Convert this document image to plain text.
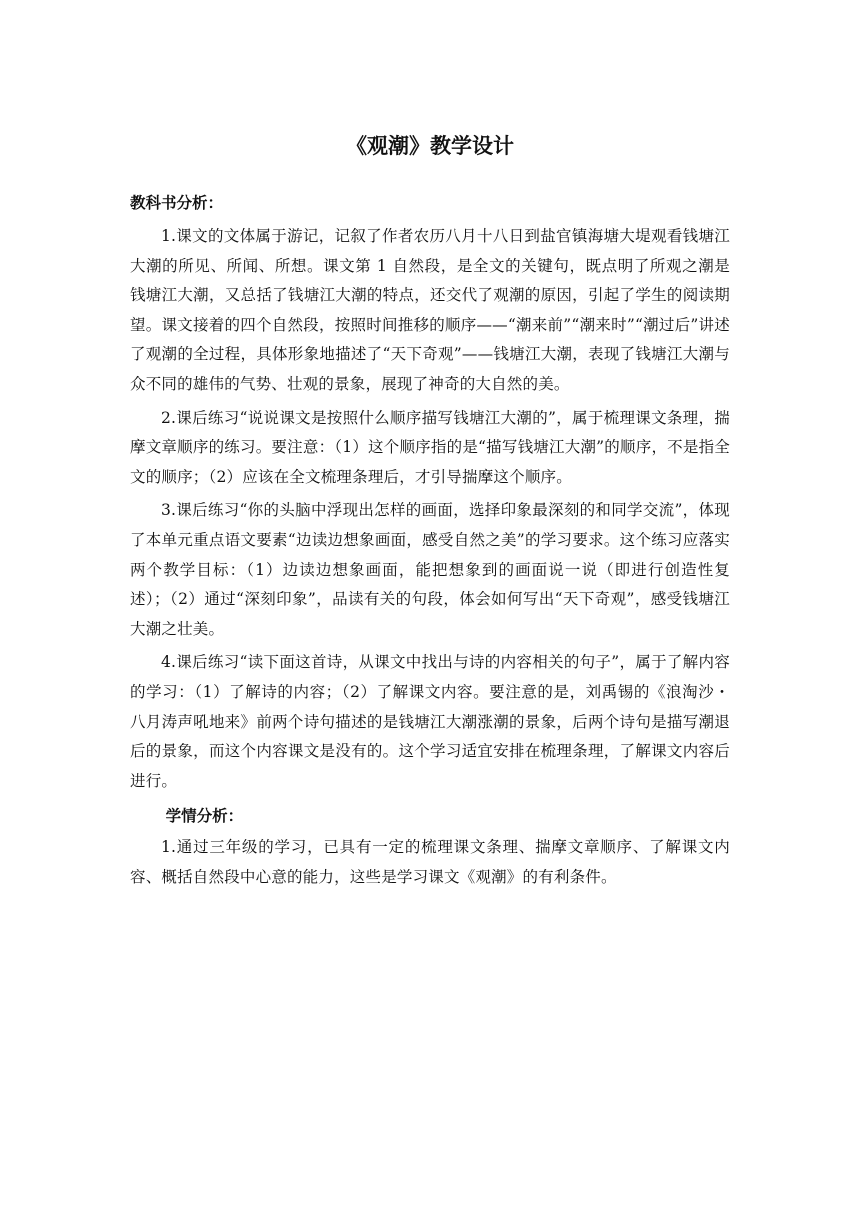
《观潮》教学设计

教科书分析：

1.课文的文体属于游记，记叙了作者农历八月十八日到盐官镇海塘大堤观看钱塘江大潮的所见、所闻、所想。课文第 1 自然段，是全文的关键句，既点明了所观之潮是钱塘江大潮，又总括了钱塘江大潮的特点，还交代了观潮的原因，引起了学生的阅读期望。课文接着的四个自然段，按照时间推移的顺序——“潮来前”“潮来时”“潮过后”讲述了观潮的全过程，具体形象地描述了“天下奇观”——钱塘江大潮，表现了钱塘江大潮与众不同的雄伟的气势、壮观的景象，展现了神奇的大自然的美。

2.课后练习“说说课文是按照什么顺序描写钱塘江大潮的”，属于梳理课文条理，揣摩文章顺序的练习。要注意：（1）这个顺序指的是“描写钱塘江大潮”的顺序，不是指全文的顺序；（2）应该在全文梳理条理后，才引导揣摩这个顺序。

3.课后练习“你的头脑中浮现出怎样的画面，选择印象最深刻的和同学交流”，体现了本单元重点语文要素“边读边想象画面，感受自然之美”的学习要求。这个练习应落实两个教学目标：（1）边读边想象画面，能把想象到的画面说一说（即进行创造性复述）；（2）通过“深刻印象”，品读有关的句段，体会如何写出“天下奇观”，感受钱塘江大潮之壮美。

4.课后练习“读下面这首诗，从课文中找出与诗的内容相关的句子”，属于了解内容的学习：（1）了解诗的内容；（2）了解课文内容。要注意的是，刘禹锡的《浪淘沙・八月涛声吼地来》前两个诗句描述的是钱塘江大潮涨潮的景象，后两个诗句是描写潮退后的景象，而这个内容课文是没有的。这个学习适宜安排在梳理条理，了解课文内容后进行。

学情分析：

1.通过三年级的学习，已具有一定的梳理课文条理、揣摩文章顺序、了解课文内容、概括自然段中心意的能力，这些是学习课文《观潮》的有利条件。
